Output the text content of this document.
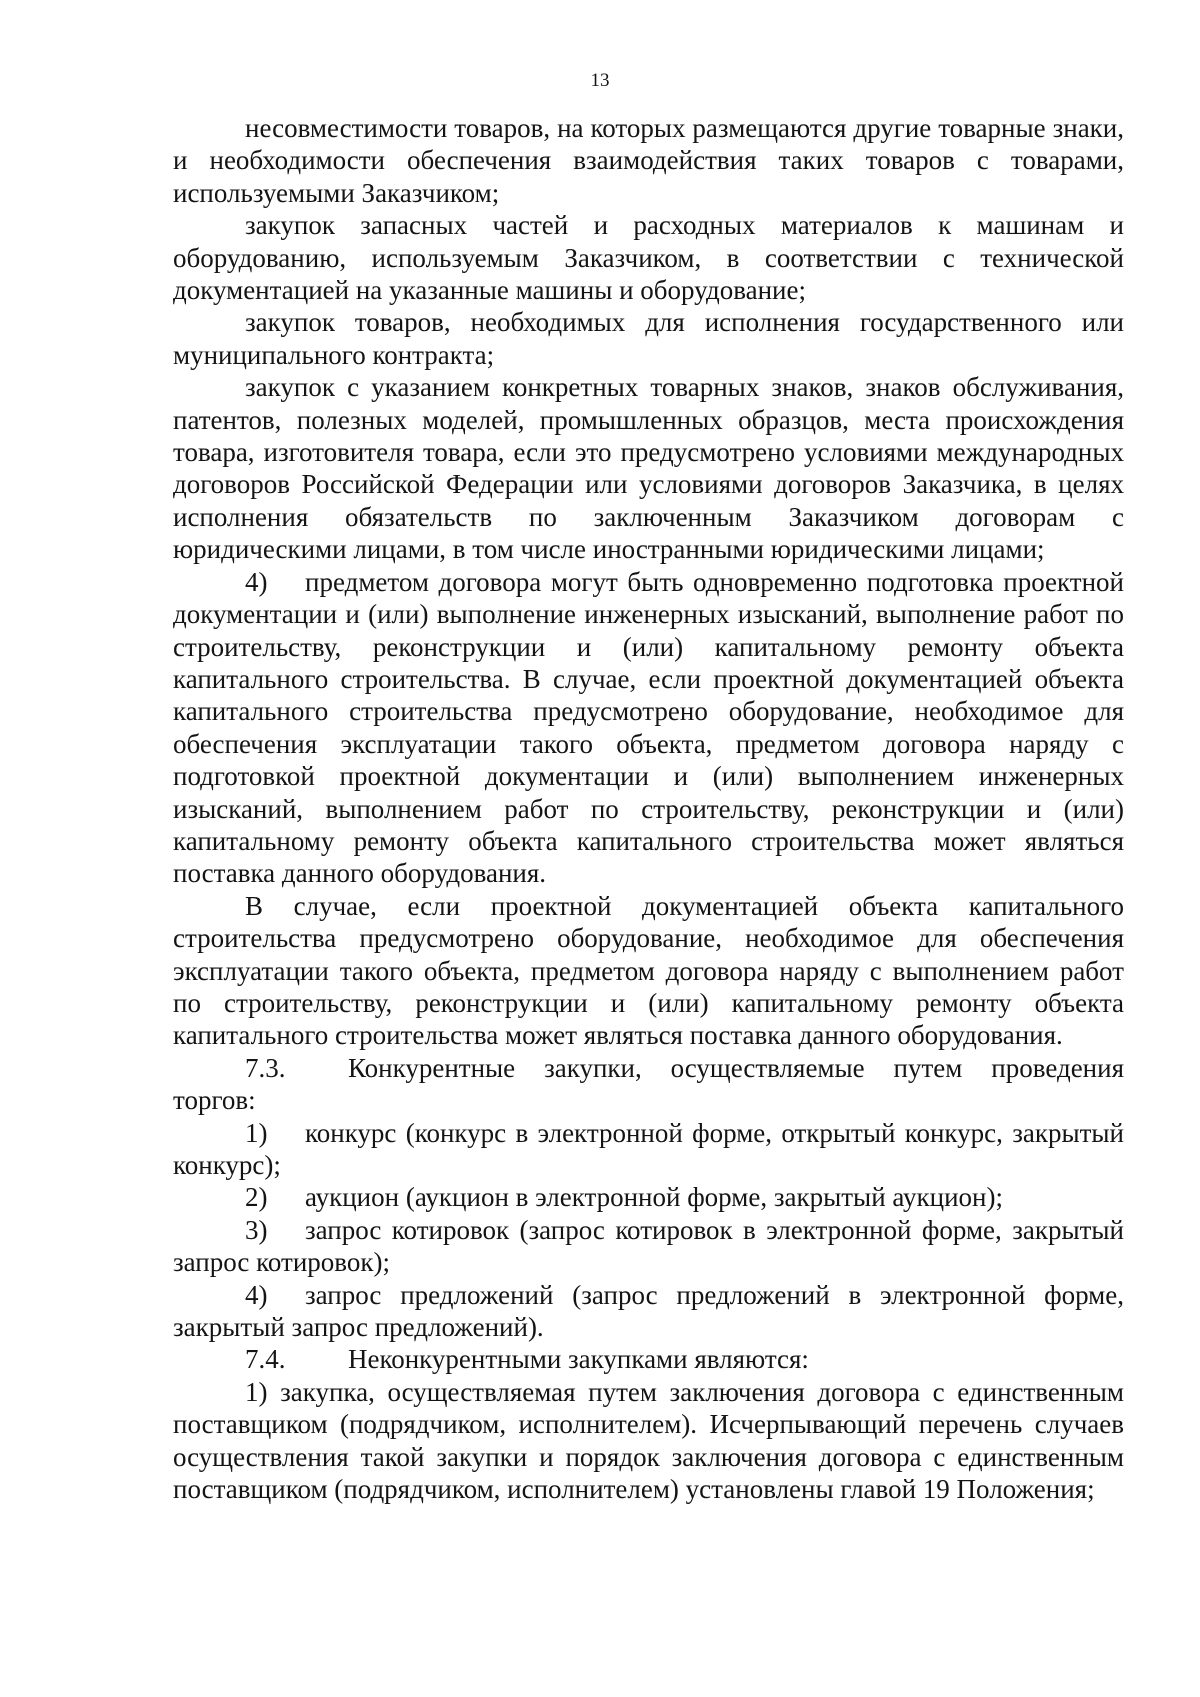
13

несовместимости товаров, на которых размещаются другие товарные знаки, и необходимости обеспечения взаимодействия таких товаров с товарами, используемыми Заказчиком;

закупок запасных частей и расходных материалов к машинам и оборудованию, используемым Заказчиком, в соответствии с технической документацией на указанные машины и оборудование;

закупок товаров, необходимых для исполнения государственного или муниципального контракта;

закупок с указанием конкретных товарных знаков, знаков обслуживания, патентов, полезных моделей, промышленных образцов, места происхождения товара, изготовителя товара, если это предусмотрено условиями международных договоров Российской Федерации или условиями договоров Заказчика, в целях исполнения обязательств по заключенным Заказчиком договорам с юридическими лицами, в том числе иностранными юридическими лицами;

4) предметом договора могут быть одновременно подготовка проектной документации и (или) выполнение инженерных изысканий, выполнение работ по строительству, реконструкции и (или) капитальному ремонту объекта капитального строительства. В случае, если проектной документацией объекта капитального строительства предусмотрено оборудование, необходимое для обеспечения эксплуатации такого объекта, предметом договора наряду с подготовкой проектной документации и (или) выполнением инженерных изысканий, выполнением работ по строительству, реконструкции и (или) капитальному ремонту объекта капитального строительства может являться поставка данного оборудования.

В случае, если проектной документацией объекта капитального строительства предусмотрено оборудование, необходимое для обеспечения эксплуатации такого объекта, предметом договора наряду с выполнением работ по строительству, реконструкции и (или) капитальному ремонту объекта капитального строительства может являться поставка данного оборудования.

7.3. Конкурентные закупки, осуществляемые путем проведения торгов:

1) конкурс (конкурс в электронной форме, открытый конкурс, закрытый конкурс);

2) аукцион (аукцион в электронной форме, закрытый аукцион);

3) запрос котировок (запрос котировок в электронной форме, закрытый запрос котировок);

4) запрос предложений (запрос предложений в электронной форме, закрытый запрос предложений).

7.4. Неконкурентными закупками являются:

1) закупка, осуществляемая путем заключения договора с единственным поставщиком (подрядчиком, исполнителем). Исчерпывающий перечень случаев осуществления такой закупки и порядок заключения договора с единственным поставщиком (подрядчиком, исполнителем) установлены главой 19 Положения;
